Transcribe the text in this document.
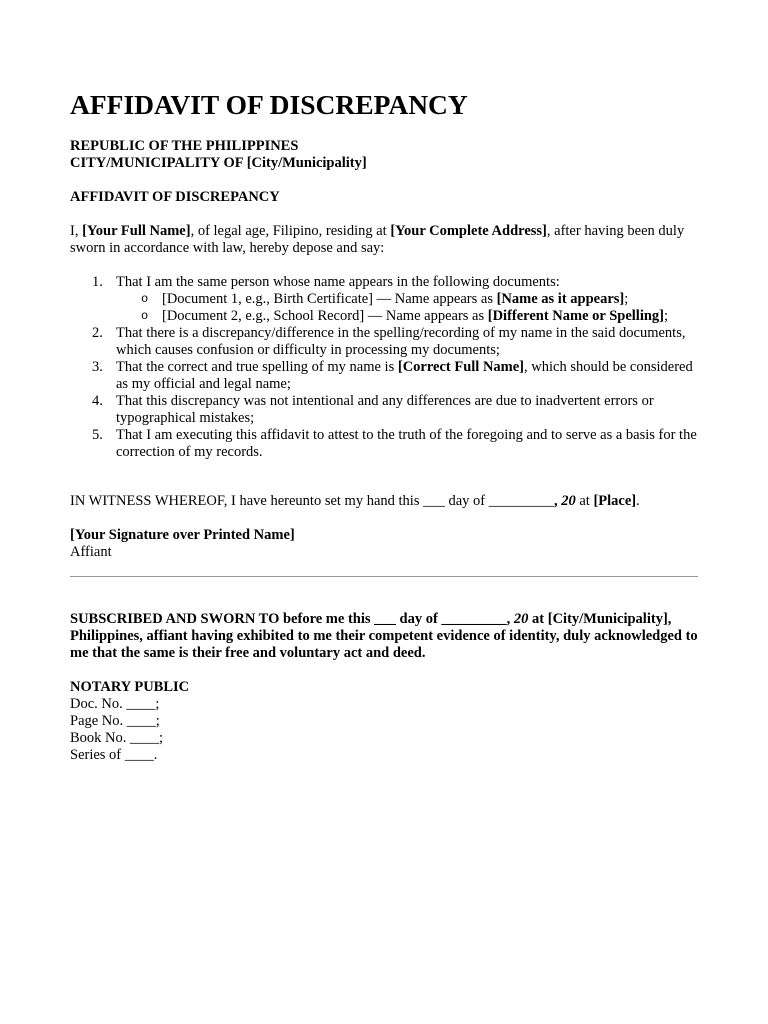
AFFIDAVIT OF DISCREPANCY

REPUBLIC OF THE PHILIPPINES

CITY/MUNICIPALITY OF [City/Municipality]

AFFIDAVIT OF DISCREPANCY

I, [Your Full Name], of legal age, Filipino, residing at [Your Complete Address], after having been duly sworn in accordance with law, hereby depose and say:

1. That I am the same person whose name appears in the following documents:
o [Document 1, e.g., Birth Certificate] — Name appears as [Name as it appears];
o [Document 2, e.g., School Record] — Name appears as [Different Name or Spelling];
2. That there is a discrepancy/difference in the spelling/recording of my name in the said documents, which causes confusion or difficulty in processing my documents;
3. That the correct and true spelling of my name is [Correct Full Name], which should be considered as my official and legal name;
4. That this discrepancy was not intentional and any differences are due to inadvertent errors or typographical mistakes;
5. That I am executing this affidavit to attest to the truth of the foregoing and to serve as a basis for the correction of my records.

IN WITNESS WHEREOF, I have hereunto set my hand this ___ day of _________, 20 at [Place].

[Your Signature over Printed Name]

Affiant

SUBSCRIBED AND SWORN TO before me this ___ day of _________, 20 at [City/Municipality], Philippines, affiant having exhibited to me their competent evidence of identity, duly acknowledged to me that the same is their free and voluntary act and deed.

NOTARY PUBLIC

Doc. No. ____;

Page No. ____;

Book No. ____;

Series of ____.
